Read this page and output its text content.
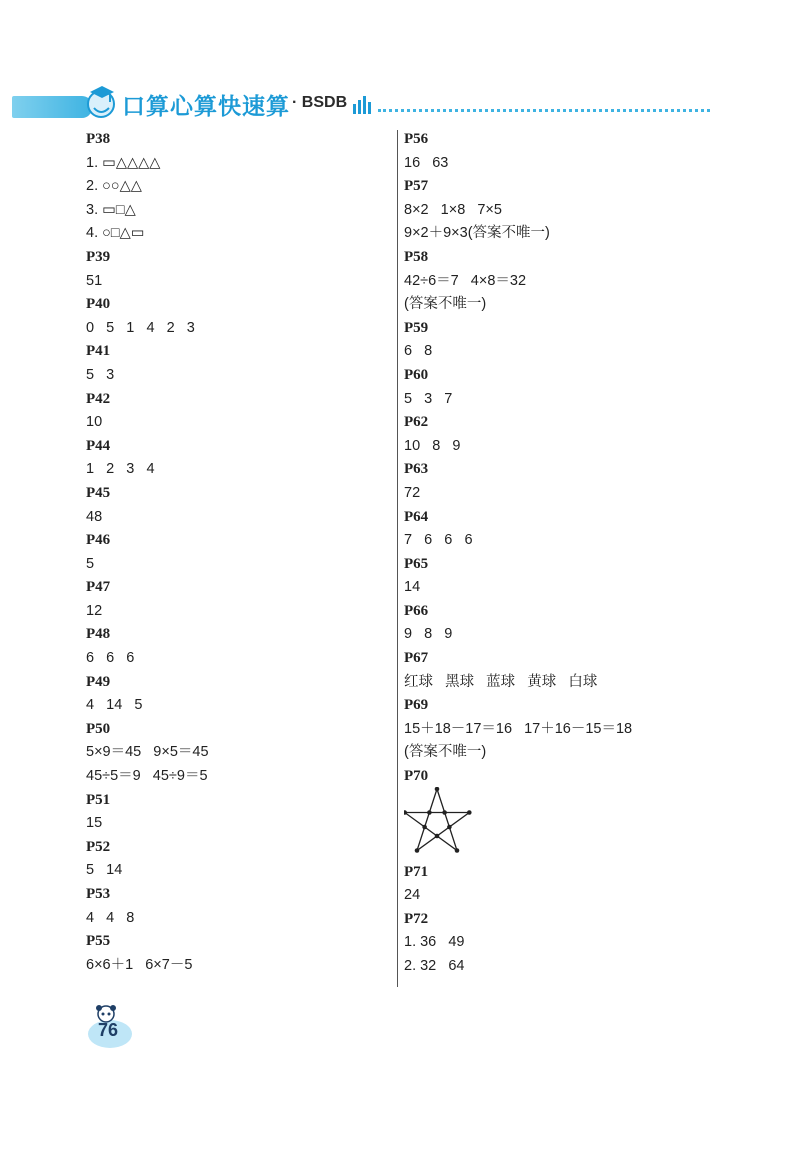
口算心算快速算 · BSDB
P38
1. ▭△△△△
2. ○○△△
3. ▭□△
4. ○□△▭
P39
51
P40
0   5   1   4   2   3
P41
5   3
P42
10
P44
1   2   3   4
P45
48
P46
5
P47
12
P48
6   6   6
P49
4   14   5
P50
5×9＝45   9×5＝45
45÷5＝9   45÷9＝5
P51
15
P52
5   14
P53
4   4   8
P55
6×6＋1   6×7－5
P56
16   63
P57
8×2   1×8   7×5
9×2＋9×3(答案不唯一)
P58
42÷6＝7   4×8＝32
(答案不唯一)
P59
6   8
P60
5   3   7
P62
10   8   9
P63
72
P64
7   6   6   6
P65
14
P66
9   8   9
P67
红球   黑球   蓝球   黄球   白球
P69
15＋18－17＝16   17＋16－15＝18
(答案不唯一)
P70
P71
24
P72
1. 36   49
2. 32   64
76
